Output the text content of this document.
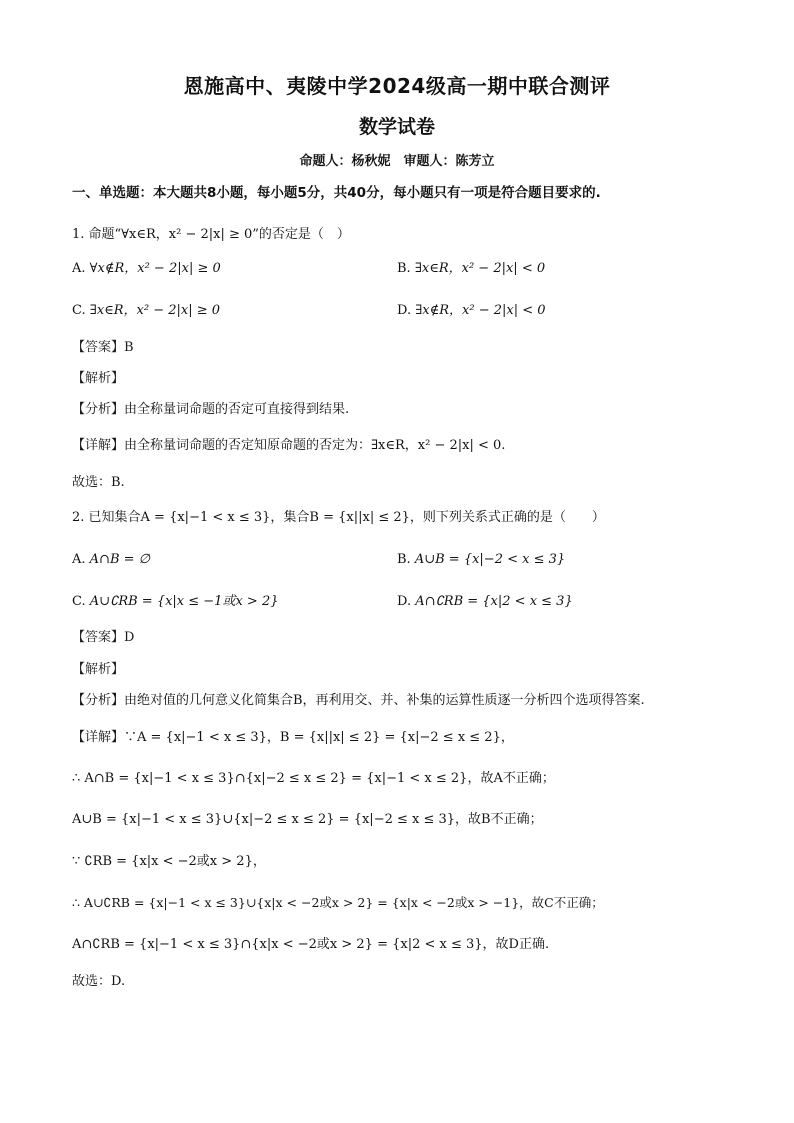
恩施高中、夷陵中学2024级高一期中联合测评
数学试卷
命题人：杨秋妮　审题人：陈芳立
一、单选题：本大题共8小题，每小题5分，共40分，每小题只有一项是符合题目要求的.
1. 命题“∀x∈R，x² − 2|x| ≥ 0”的否定是（　）
A. ∀x∉R，x² − 2|x| ≥ 0	B. ∃x∈R，x² − 2|x| < 0
C. ∃x∈R，x² − 2|x| ≥ 0	D. ∃x∉R，x² − 2|x| < 0
【答案】B
【解析】
【分析】由全称量词命题的否定可直接得到结果.
【详解】由全称量词命题的否定知原命题的否定为：∃x∈R，x² − 2|x| < 0.
故选：B.
2. 已知集合A = {x|−1 < x ≤ 3}，集合B = {x||x| ≤ 2}，则下列关系式正确的是（　　）
A. A∩B = ∅	B. A∪B = {x|−2 < x ≤ 3}
C. A∪∁RB = {x|x ≤ −1或x > 2}	D. A∩∁RB = {x|2 < x ≤ 3}
【答案】D
【解析】
【分析】由绝对值的几何意义化简集合B，再利用交、并、补集的运算性质逐一分析四个选项得答案.
【详解】∵A = {x|−1 < x ≤ 3}，B = {x||x| ≤ 2} = {x|−2 ≤ x ≤ 2}，
∴ A∩B = {x|−1 < x ≤ 3}∩{x|−2 ≤ x ≤ 2} = {x|−1 < x ≤ 2}，故A不正确；
A∪B = {x|−1 < x ≤ 3}∪{x|−2 ≤ x ≤ 2} = {x|−2 ≤ x ≤ 3}，故B不正确；
∵ ∁RB = {x|x < −2或x > 2}，
∴ A∪∁RB = {x|−1 < x ≤ 3}∪{x|x < −2或x > 2} = {x|x < −2或x > −1}，故C不正确；
A∩∁RB = {x|−1 < x ≤ 3}∩{x|x < −2或x > 2} = {x|2 < x ≤ 3}，故D正确.
故选：D.
